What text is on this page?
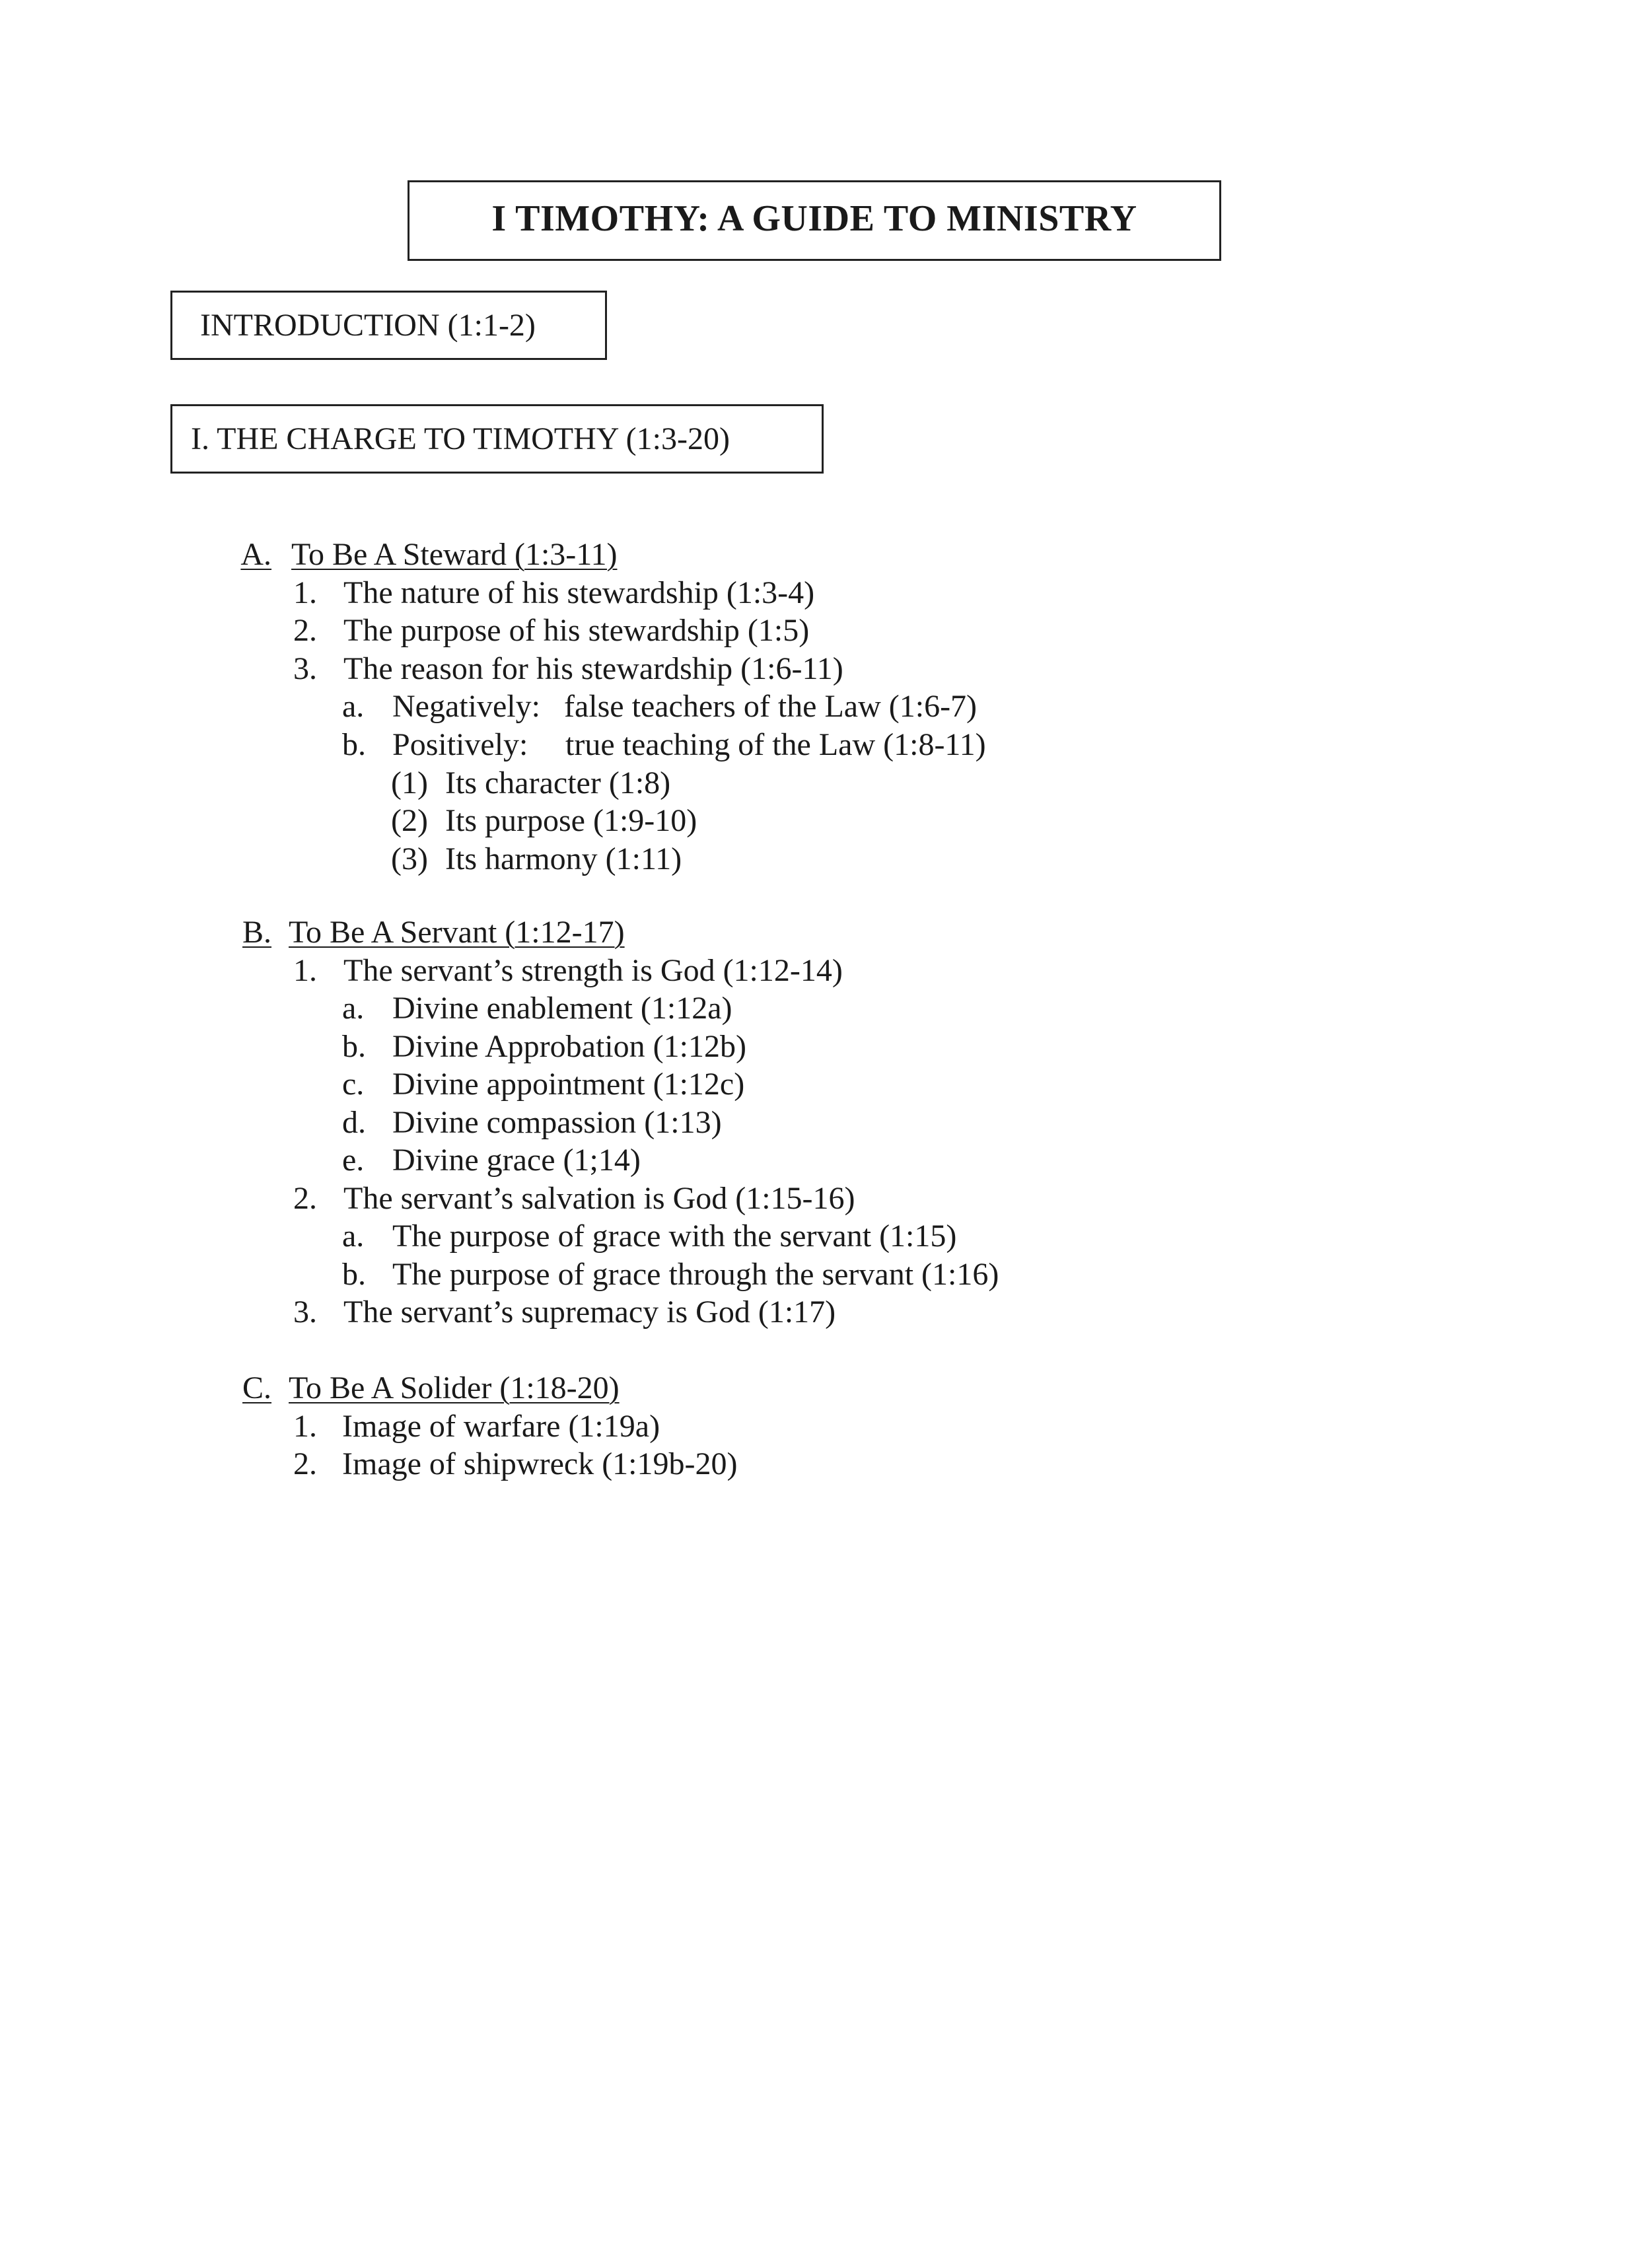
I TIMOTHY: A GUIDE TO MINISTRY
INTRODUCTION (1:1-2)
I. THE CHARGE TO TIMOTHY (1:3-20)

A. To Be A Steward (1:3-11)

1. The nature of his stewardship (1:3-4)

2. The purpose of his stewardship (1:5)

3. The reason for his stewardship (1:6-11)

a. Negatively: false teachers of the Law (1:6-7)

b. Positively: true teaching of the Law (1:8-11)

(1) Its character (1:8)

(2) Its purpose (1:9-10)

(3) Its harmony (1:11)

B. To Be A Servant (1:12-17)

1. The servant’s strength is God (1:12-14)

a. Divine enablement (1:12a)

b. Divine Approbation (1:12b)

c. Divine appointment (1:12c)

d. Divine compassion (1:13)

e. Divine grace (1;14)

2. The servant’s salvation is God (1:15-16)

a. The purpose of grace with the servant (1:15)

b. The purpose of grace through the servant (1:16)

3. The servant’s supremacy is God (1:17)

C. To Be A Solider (1:18-20)

1. Image of warfare (1:19a)

2. Image of shipwreck (1:19b-20)
